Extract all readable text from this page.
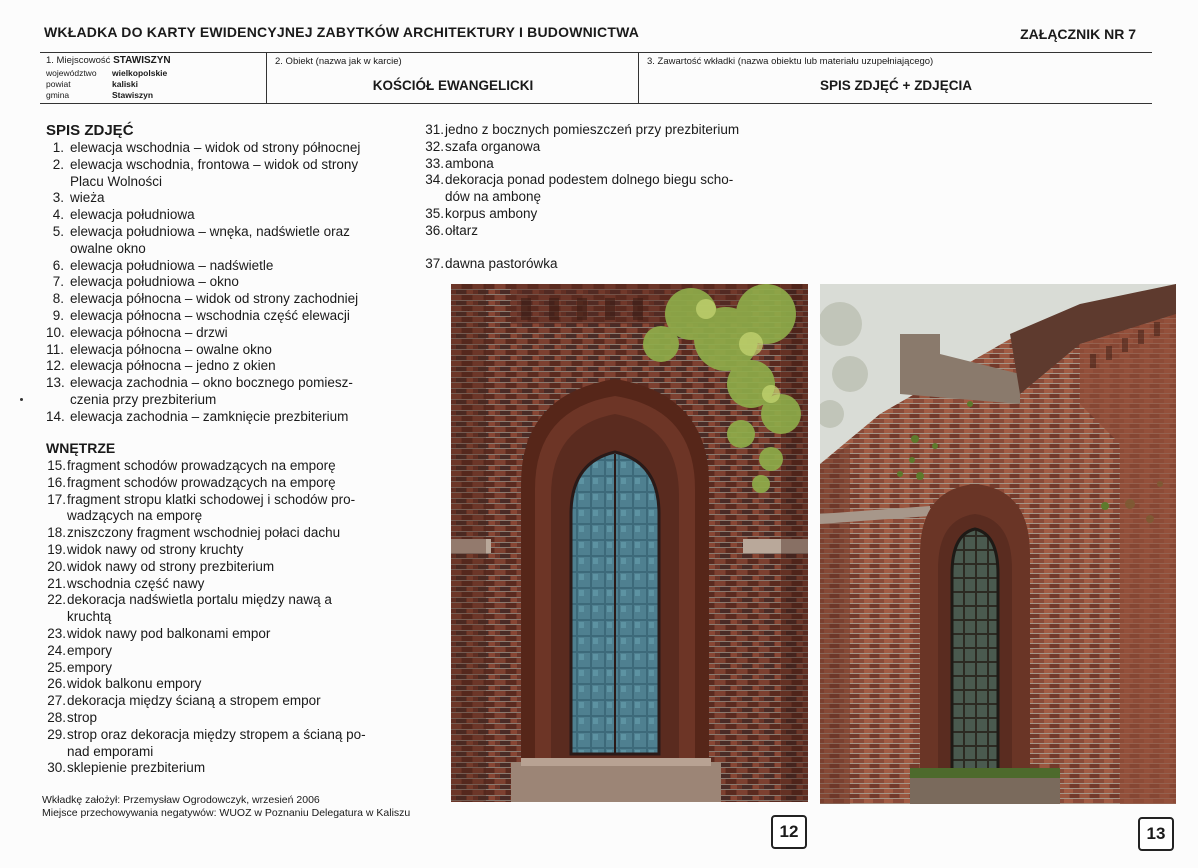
WKŁADKA DO KARTY EWIDENCYJNEJ ZABYTKÓW ARCHITEKTURY I BUDOWNICTWA	ZAŁĄCZNIK NR 7
1. Miejscowość STAWISZYN
województwo wielkopolskie
powiat	kaliski
gmina	Stawiszyn
2. Obiekt (nazwa jak w karcie)
KOŚCIÓŁ EWANGELICKI
3. Zawartość wkładki (nazwa obiektu lub materiału uzupełniającego)
SPIS ZDJĘĆ + ZDJĘCIA
SPIS ZDJĘĆ
1. elewacja wschodnia – widok od strony północnej
2. elewacja wschodnia, frontowa – widok od strony
Placu Wolności
3. wieża
4. elewacja południowa
5. elewacja południowa – wnęka, nadświetle oraz
owalne okno
6. elewacja południowa – nadświetle
7. elewacja południowa – okno
8. elewacja północna – widok od strony zachodniej
9. elewacja północna – wschodnia część elewacji
10. elewacja północna – drzwi
11. elewacja północna – owalne okno
12. elewacja północna – jedno z okien
13. elewacja zachodnia – okno bocznego pomiesz-
czenia przy prezbiterium
14. elewacja zachodnia – zamknięcie prezbiterium
WNĘTRZE
15. fragment schodów prowadzących na emporę
16. fragment schodów prowadzących na emporę
17. fragment stropu klatki schodowej i schodów pro-
wadzących na emporę
18. zniszczony fragment wschodniej połaci dachu
19. widok nawy od strony kruchty
20. widok nawy od strony prezbiterium
21. wschodnia część nawy
22. dekoracja nadświetla portalu między nawą a
kruchtą
23. widok nawy pod balkonami empor
24. empory
25. empory
26. widok balkonu empory
27. dekoracja między ścianą a stropem empor
28. strop
29. strop oraz dekoracja między stropem a ścianą po-
nad emporami
30. sklepienie prezbiterium
31. jedno z bocznych pomieszczeń przy prezbiterium
32. szafa organowa
33. ambona
34. dekoracja ponad podestem dolnego biegu scho-
dów na ambonę
35. korpus ambony
36. ołtarz
37. dawna pastorówka
Wkładkę założył: Przemysław Ogrodowczyk, wrzesień 2006
Miejsce przechowywania negatywów: WUOZ w Poznaniu Delegatura w Kaliszu
12	13
